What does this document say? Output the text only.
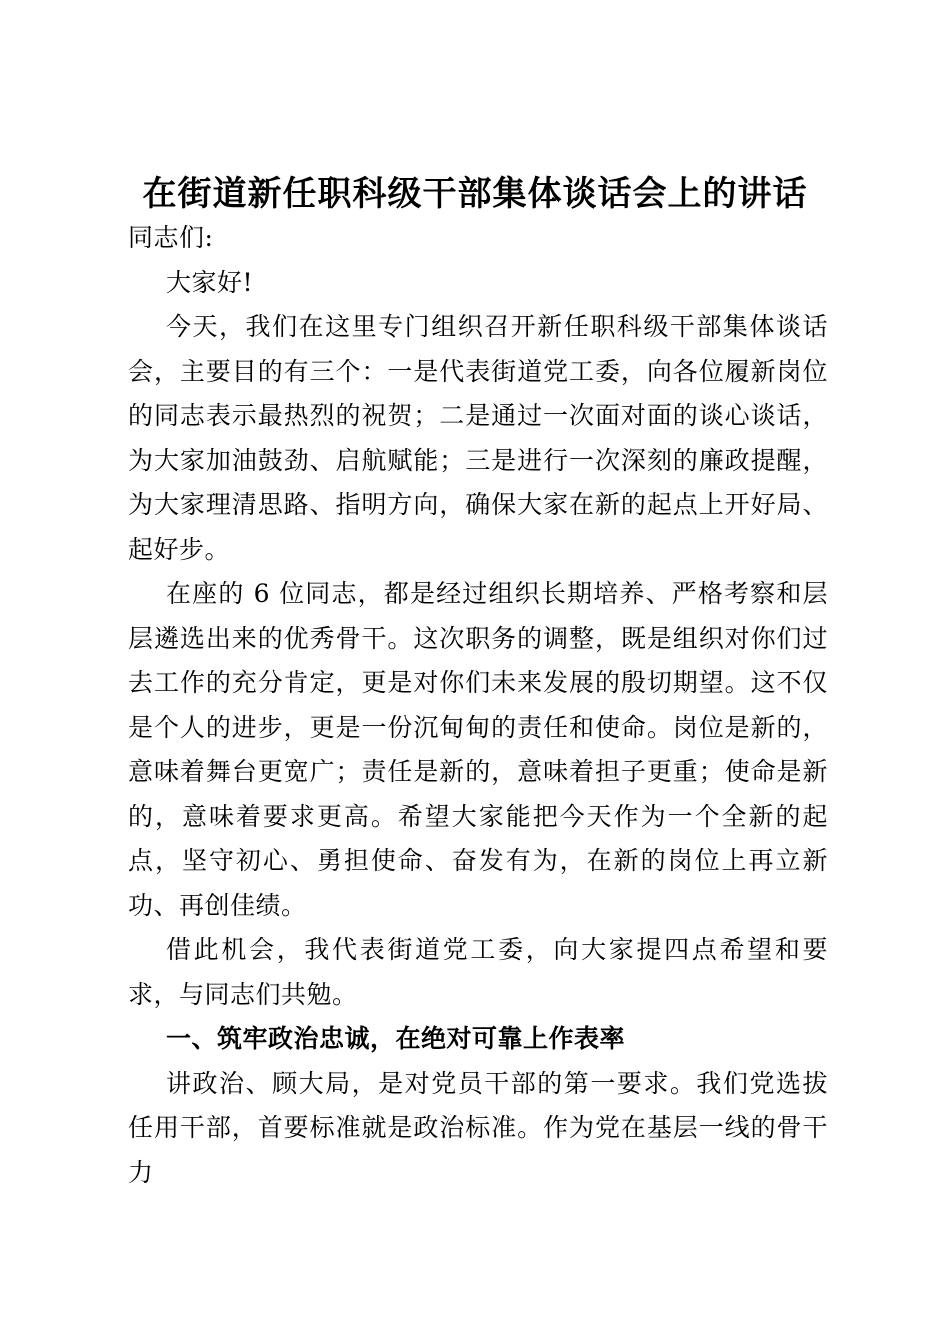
在街道新任职科级干部集体谈话会上的讲话

同志们:

大家好!

今天，我们在这里专门组织召开新任职科级干部集体谈话会，主要目的有三个：一是代表街道党工委，向各位履新岗位的同志表示最热烈的祝贺；二是通过一次面对面的谈心谈话，为大家加油鼓劲、启航赋能；三是进行一次深刻的廉政提醒，为大家理清思路、指明方向，确保大家在新的起点上开好局、起好步。

在座的 6 位同志，都是经过组织长期培养、严格考察和层层遴选出来的优秀骨干。这次职务的调整，既是组织对你们过去工作的充分肯定，更是对你们未来发展的殷切期望。这不仅是个人的进步，更是一份沉甸甸的责任和使命。岗位是新的，意味着舞台更宽广；责任是新的，意味着担子更重；使命是新的，意味着要求更高。希望大家能把今天作为一个全新的起点，坚守初心、勇担使命、奋发有为，在新的岗位上再立新功、再创佳绩。

借此机会，我代表街道党工委，向大家提四点希望和要求，与同志们共勉。

一、筑牢政治忠诚，在绝对可靠上作表率

讲政治、顾大局，是对党员干部的第一要求。我们党选拔任用干部，首要标准就是政治标准。作为党在基层一线的骨干力
